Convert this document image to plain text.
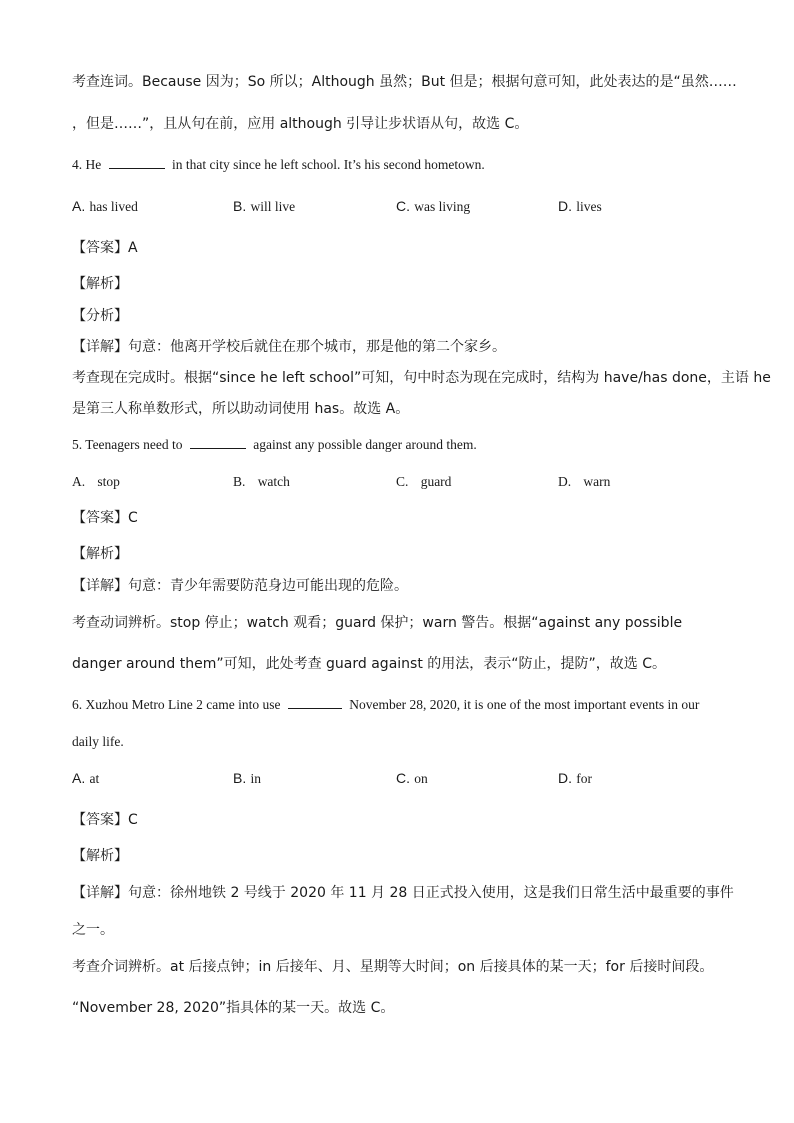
考查连词。Because 因为；So 所以；Although 虽然；But 但是；根据句意可知，此处表达的是“虽然……
，但是……”，且从句在前，应用 although 引导让步状语从句，故选 C。
4. He	in that city since he left school. It’s his second hometown.
A. has lived	B. will live	C. was living	D. lives
【答案】A
【解析】
【分析】
【详解】句意：他离开学校后就住在那个城市，那是他的第二个家乡。
考查现在完成时。根据“since he left school”可知，句中时态为现在完成时，结构为 have/has done，主语 he
是第三人称单数形式，所以助动词使用 has。故选 A。
5. Teenagers need to	against any possible danger around them.
A. stop	B. watch	C. guard	D. warn
【答案】C
【解析】
【详解】句意：青少年需要防范身边可能出现的危险。
考查动词辨析。stop 停止；watch 观看；guard 保护；warn 警告。根据“against any possible
danger around them”可知，此处考查 guard against 的用法，表示“防止，提防”，故选 C。
6. Xuzhou Metro Line 2 came into use	November 28, 2020, it is one of the most important events in our
daily life.
A. at	B. in	C. on	D. for
【答案】C
【解析】
【详解】句意：徐州地铁 2 号线于 2020 年 11 月 28 日正式投入使用，这是我们日常生活中最重要的事件
之一。
考查介词辨析。at 后接点钟；in 后接年、月、星期等大时间；on 后接具体的某一天；for 后接时间段。
“November 28, 2020”指具体的某一天。故选 C。
